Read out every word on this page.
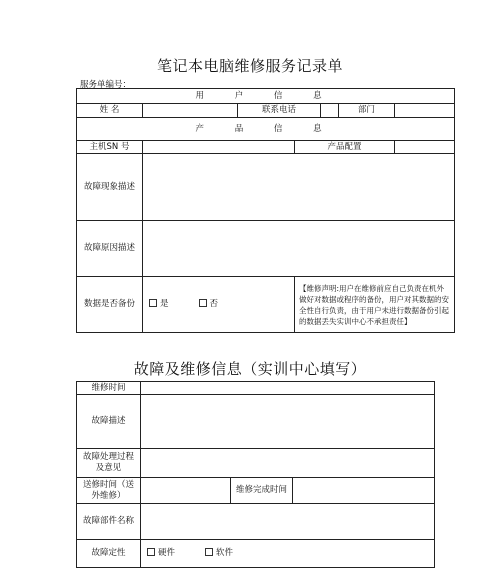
笔记本电脑维修服务记录单
服务单编号：
用 户 信 息						
姓 名		联系电话			部门	
产 品 信 息						
主机SN 号			产品配置			
故障现象描述						
故障原因描述						
数据是否备份	是 否		【维修声明:用户在维修前应自己负责在机外做好对数据或程序的备份，用户对其数据的安全性自行负责，由于用户未进行数据备份引起的数据丢失实训中心不承担责任】			
故障及维修信息（实训中心填写）
维修时间			
故障描述			
故障处理过程及意见			
送修时间（送外维修）		维修完成时间	
故障部件名称			
故障定性	硬件 软件		
